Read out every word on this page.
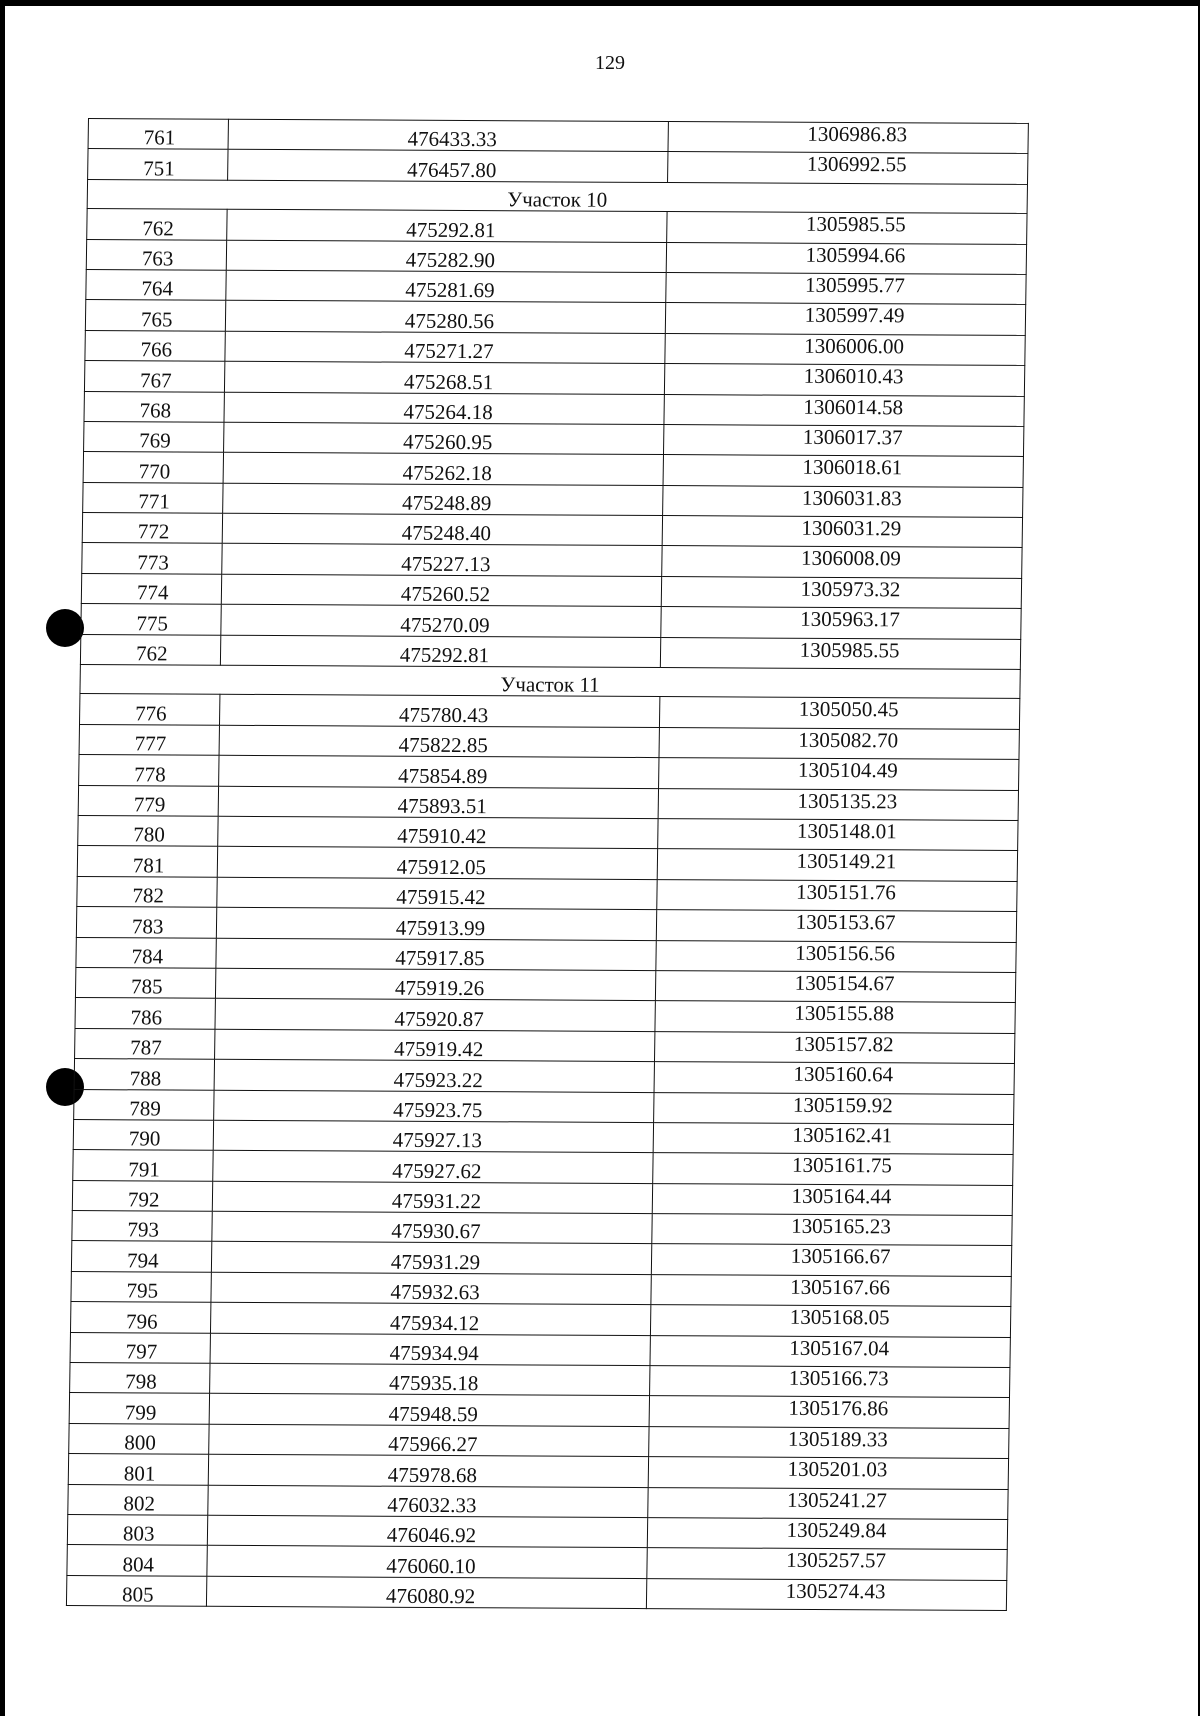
129
761	476433.33	1306986.83
751	476457.80	1306992.55
Участок 10		
762	475292.81	1305985.55
763	475282.90	1305994.66
764	475281.69	1305995.77
765	475280.56	1305997.49
766	475271.27	1306006.00
767	475268.51	1306010.43
768	475264.18	1306014.58
769	475260.95	1306017.37
770	475262.18	1306018.61
771	475248.89	1306031.83
772	475248.40	1306031.29
773	475227.13	1306008.09
774	475260.52	1305973.32
775	475270.09	1305963.17
762	475292.81	1305985.55
Участок 11		
776	475780.43	1305050.45
777	475822.85	1305082.70
778	475854.89	1305104.49
779	475893.51	1305135.23
780	475910.42	1305148.01
781	475912.05	1305149.21
782	475915.42	1305151.76
783	475913.99	1305153.67
784	475917.85	1305156.56
785	475919.26	1305154.67
786	475920.87	1305155.88
787	475919.42	1305157.82
788	475923.22	1305160.64
789	475923.75	1305159.92
790	475927.13	1305162.41
791	475927.62	1305161.75
792	475931.22	1305164.44
793	475930.67	1305165.23
794	475931.29	1305166.67
795	475932.63	1305167.66
796	475934.12	1305168.05
797	475934.94	1305167.04
798	475935.18	1305166.73
799	475948.59	1305176.86
800	475966.27	1305189.33
801	475978.68	1305201.03
802	476032.33	1305241.27
803	476046.92	1305249.84
804	476060.10	1305257.57
805	476080.92	1305274.43
